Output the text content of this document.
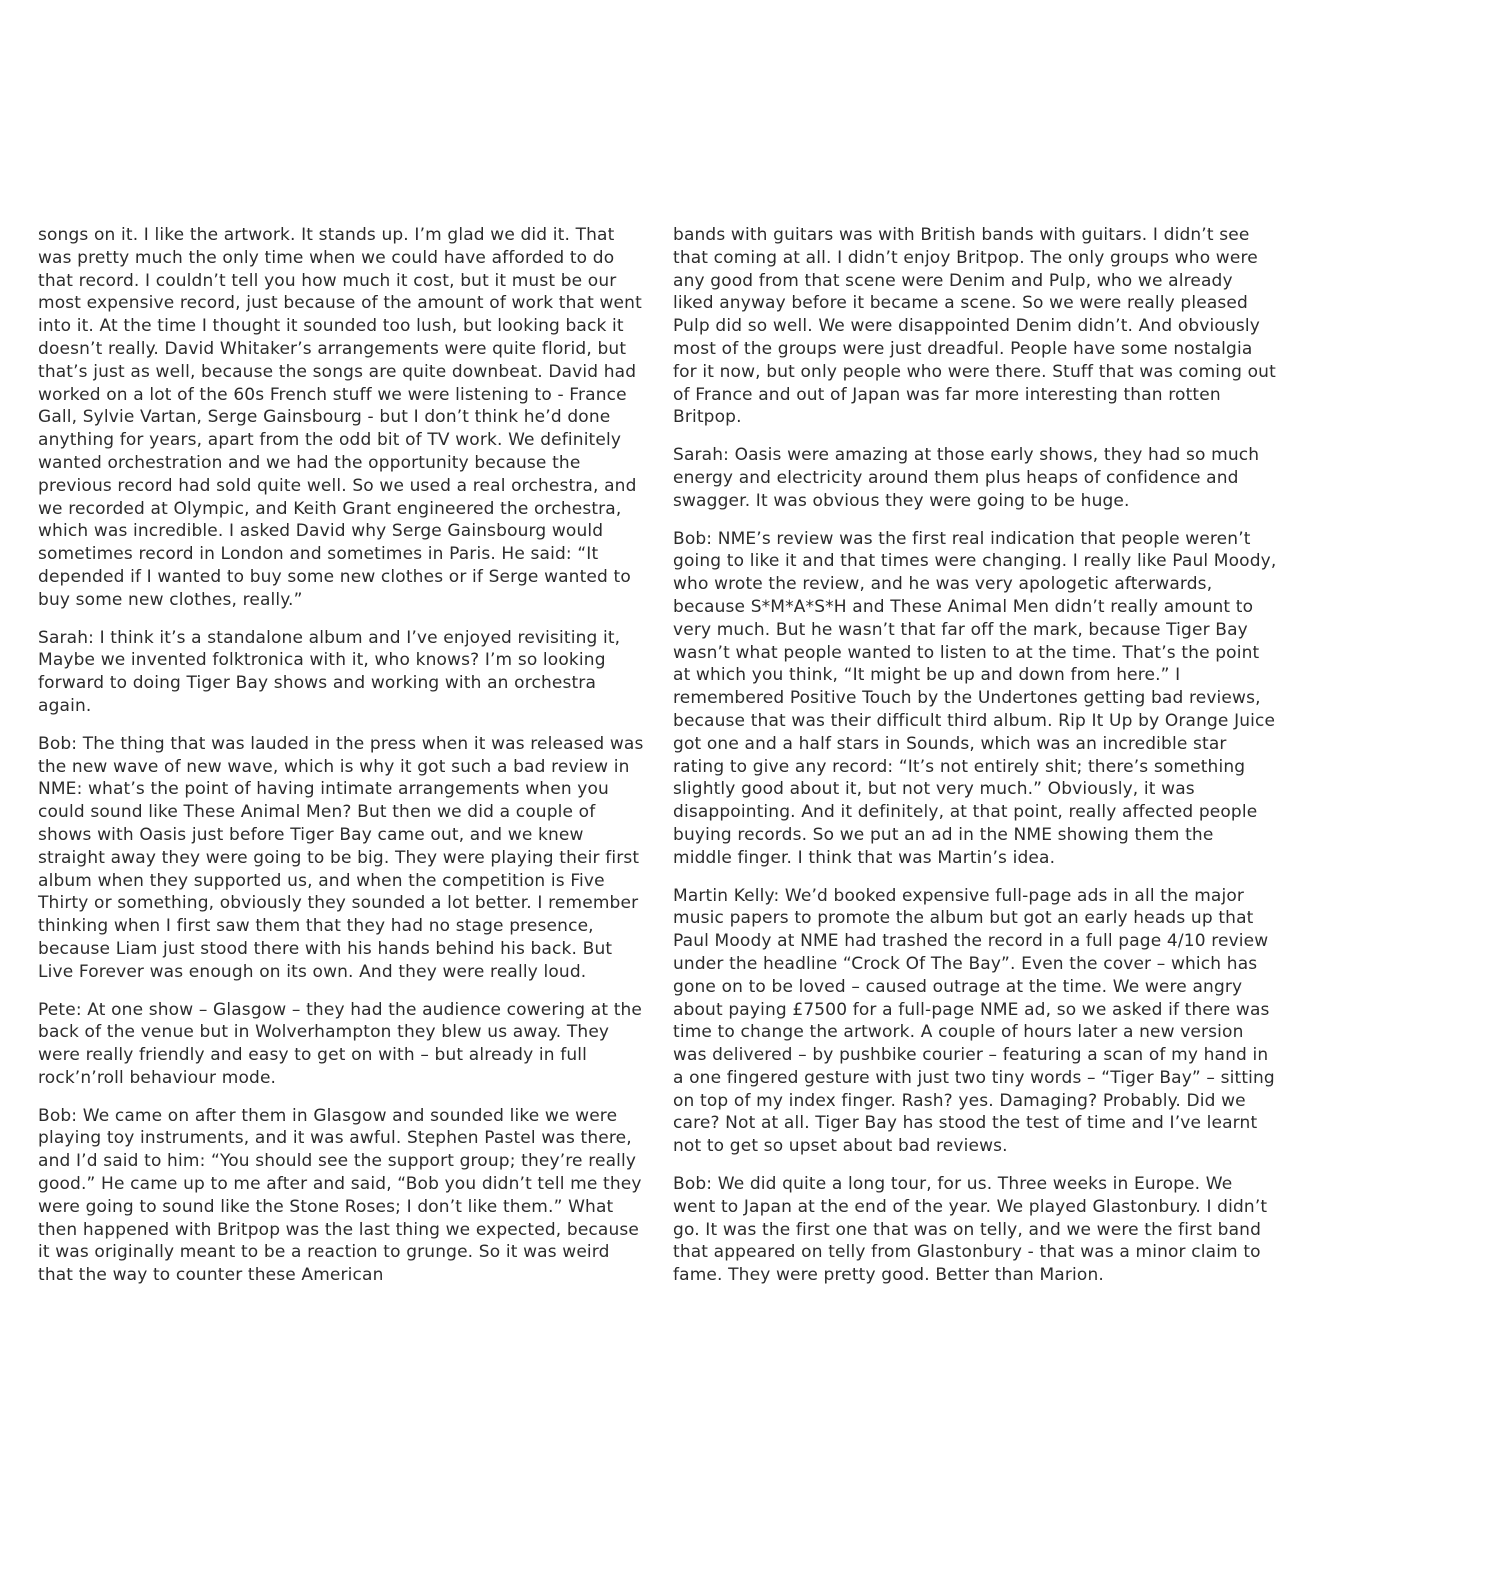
songs on it. I like the artwork. It stands up. I’m glad we did it. That was pretty much the only time when we could have afforded to do that record. I couldn’t tell you how much it cost, but it must be our most expensive record, just because of the amount of work that went into it. At the time I thought it sounded too lush, but looking back it doesn’t really. David Whitaker’s arrangements were quite florid, but that’s just as well, because the songs are quite downbeat. David had worked on a lot of the 60s French stuff we were listening to - France Gall, Sylvie Vartan, Serge Gainsbourg - but I don’t think he’d done anything for years, apart from the odd bit of TV work. We definitely wanted orchestration and we had the opportunity because the previous record had sold quite well. So we used a real orchestra, and we recorded at Olympic, and Keith Grant engineered the orchestra, which was incredible. I asked David why Serge Gainsbourg would sometimes record in London and sometimes in Paris. He said: “It depended if I wanted to buy some new clothes or if Serge wanted to buy some new clothes, really.”

Sarah: I think it’s a standalone album and I’ve enjoyed revisiting it, Maybe we invented folktronica with it, who knows? I’m so looking forward to doing Tiger Bay shows and working with an orchestra again.

Bob: The thing that was lauded in the press when it was released was the new wave of new wave, which is why it got such a bad review in NME: what’s the point of having intimate arrangements when you could sound like These Animal Men? But then we did a couple of shows with Oasis just before Tiger Bay came out, and we knew straight away they were going to be big. They were playing their first album when they supported us, and when the competition is Five Thirty or something, obviously they sounded a lot better. I remember thinking when I first saw them that they had no stage presence, because Liam just stood there with his hands behind his back. But Live Forever was enough on its own. And they were really loud.

Pete: At one show – Glasgow – they had the audience cowering at the back of the venue but in Wolverhampton they blew us away. They were really friendly and easy to get on with – but already in full rock’n’roll behaviour mode.

Bob: We came on after them in Glasgow and sounded like we were playing toy instruments, and it was awful. Stephen Pastel was there, and I’d said to him: “You should see the support group; they’re really good.” He came up to me after and said, “Bob you didn’t tell me they were going to sound like the Stone Roses; I don’t like them.” What then happened with Britpop was the last thing we expected, because it was originally meant to be a reaction to grunge. So it was weird that the way to counter these American

bands with guitars was with British bands with guitars. I didn’t see that coming at all. I didn’t enjoy Britpop. The only groups who were any good from that scene were Denim and Pulp, who we already liked anyway before it became a scene. So we were really pleased Pulp did so well. We were disappointed Denim didn’t. And obviously most of the groups were just dreadful. People have some nostalgia for it now, but only people who were there. Stuff that was coming out of France and out of Japan was far more interesting than rotten Britpop.

Sarah: Oasis were amazing at those early shows, they had so much energy and electricity around them plus heaps of confidence and swagger. It was obvious they were going to be huge.

Bob: NME’s review was the first real indication that people weren’t going to like it and that times were changing. I really like Paul Moody, who wrote the review, and he was very apologetic afterwards, because S*M*A*S*H and These Animal Men didn’t really amount to very much. But he wasn’t that far off the mark, because Tiger Bay wasn’t what people wanted to listen to at the time. That’s the point at which you think, “It might be up and down from here.” I remembered Positive Touch by the Undertones getting bad reviews, because that was their difficult third album. Rip It Up by Orange Juice got one and a half stars in Sounds, which was an incredible star rating to give any record: “It’s not entirely shit; there’s something slightly good about it, but not very much.” Obviously, it was disappointing. And it definitely, at that point, really affected people buying records. So we put an ad in the NME showing them the middle finger. I think that was Martin’s idea.

Martin Kelly: We’d booked expensive full-page ads in all the major music papers to promote the album but got an early heads up that Paul Moody at NME had trashed the record in a full page 4/10 review under the headline “Crock Of The Bay”. Even the cover – which has gone on to be loved – caused outrage at the time. We were angry about paying £7500 for a full-page NME ad, so we asked if there was time to change the artwork. A couple of hours later a new version was delivered – by pushbike courier – featuring a scan of my hand in a one fingered gesture with just two tiny words – “Tiger Bay” – sitting on top of my index finger. Rash? yes. Damaging? Probably. Did we care? Not at all. Tiger Bay has stood the test of time and I’ve learnt not to get so upset about bad reviews.

Bob: We did quite a long tour, for us. Three weeks in Europe. We went to Japan at the end of the year. We played Glastonbury. I didn’t go. It was the first one that was on telly, and we were the first band that appeared on telly from Glastonbury - that was a minor claim to fame. They were pretty good. Better than Marion.
